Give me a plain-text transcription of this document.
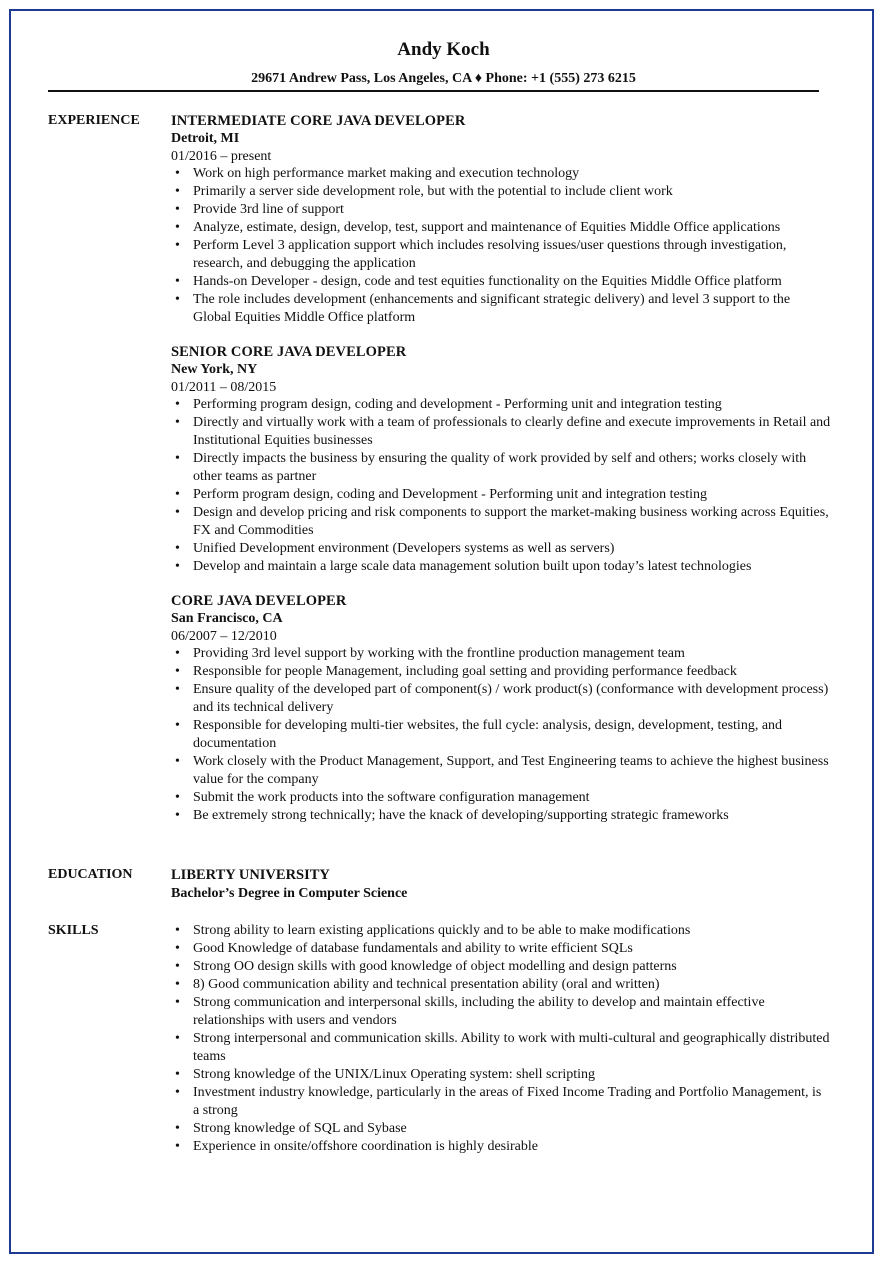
Andy Koch
29671 Andrew Pass, Los Angeles, CA ♦ Phone: +1 (555) 273 6215
EXPERIENCE INTERMEDIATE CORE JAVA DEVELOPER
Detroit, MI
01/2016 – present
• Work on high performance market making and execution technology
• Primarily a server side development role, but with the potential to include client work
• Provide 3rd line of support
• Analyze, estimate, design, develop, test, support and maintenance of Equities Middle Office applications
• Perform Level 3 application support which includes resolving issues/user questions through investigation, research, and debugging the application
• Hands-on Developer - design, code and test equities functionality on the Equities Middle Office platform
• The role includes development (enhancements and significant strategic delivery) and level 3 support to the Global Equities Middle Office platform
SENIOR CORE JAVA DEVELOPER
New York, NY
01/2011 – 08/2015
• Performing program design, coding and development - Performing unit and integration testing
• Directly and virtually work with a team of professionals to clearly define and execute improvements in Retail and Institutional Equities businesses
• Directly impacts the business by ensuring the quality of work provided by self and others; works closely with other teams as partner
• Perform program design, coding and Development - Performing unit and integration testing
• Design and develop pricing and risk components to support the market-making business working across Equities, FX and Commodities
• Unified Development environment (Developers systems as well as servers)
• Develop and maintain a large scale data management solution built upon today’s latest technologies
CORE JAVA DEVELOPER
San Francisco, CA
06/2007 – 12/2010
• Providing 3rd level support by working with the frontline production management team
• Responsible for people Management, including goal setting and providing performance feedback
• Ensure quality of the developed part of component(s) / work product(s) (conformance with development process) and its technical delivery
• Responsible for developing multi-tier websites, the full cycle: analysis, design, development, testing, and documentation
• Work closely with the Product Management, Support, and Test Engineering teams to achieve the highest business value for the company
• Submit the work products into the software configuration management
• Be extremely strong technically; have the knack of developing/supporting strategic frameworks
EDUCATION	LIBERTY UNIVERSITY
Bachelor’s Degree in Computer Science
SKILLS
•	Strong ability to learn existing applications quickly and to be able to make modifications
• Good Knowledge of database fundamentals and ability to write efficient SQLs
• Strong OO design skills with good knowledge of object modelling and design patterns
• 8) Good communication ability and technical presentation ability (oral and written)
• Strong communication and interpersonal skills, including the ability to develop and maintain effective relationships with users and vendors
• Strong interpersonal and communication skills. Ability to work with multi-cultural and geographically distributed teams
• Strong knowledge of the UNIX/Linux Operating system: shell scripting
• Investment industry knowledge, particularly in the areas of Fixed Income Trading and Portfolio Management, is a strong
• Strong knowledge of SQL and Sybase
• Experience in onsite/offshore coordination is highly desirable
